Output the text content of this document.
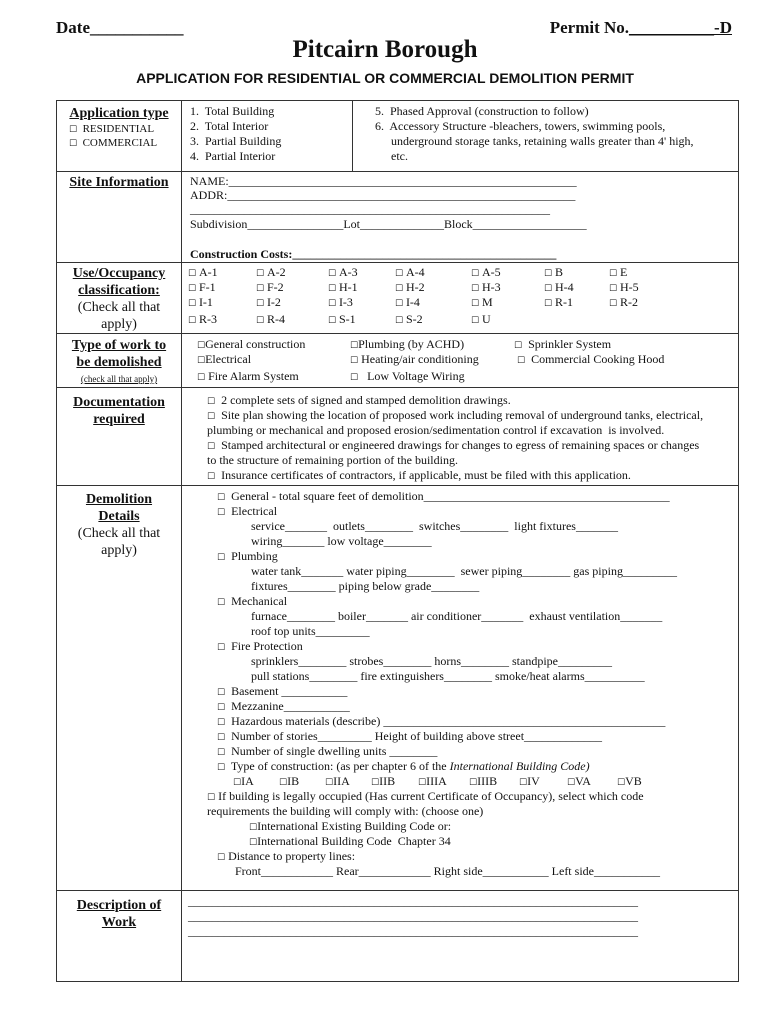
Date___________	Permit No.__________-D
Pitcairn Borough
APPLICATION FOR RESIDENTIAL OR COMMERCIAL DEMOLITION PERMIT
Application type
☐ RESIDENTIAL
☐ COMMERCIAL
1.  Total Building
2.  Total Interior
3.  Partial Building
4.  Partial Interior
5.  Phased Approval (construction to follow)
6.  Accessory Structure -bleachers, towers, swimming pools,
underground storage tanks, retaining walls greater than 4' high,
etc.
Site Information	NAME:__________________________________________________________
ADDR:__________________________________________________________
____________________________________________________________
Subdivision________________Lot______________Block___________________
Construction Costs:____________________________________________
Use/Occupancy
classification:
(Check all that
apply)
☐ A-1	☐ A-2	☐ A-3	☐ A-4	☐ A-5	☐ B	☐ E
☐ F-1	☐ F-2	☐ H-1	☐ H-2	☐ H-3	☐ H-4	☐ H-5
☐ I-1	☐ I-2	☐ I-3	☐ I-4	☐ M	☐ R-1	☐ R-2
☐ R-3	☐ R-4	☐ S-1	☐ S-2	☐ U
Type of work to
be demolished
(check all that apply)
☐General construction	☐Plumbing (by ACHD)	☐ Sprinkler System
☐Electrical	☐ Heating/air conditioning	☐ Commercial Cooking Hood
☐ Fire Alarm System	☐ Low Voltage Wiring
Documentation
required
☐ 2 complete sets of signed and stamped demolition drawings.
☐ Site plan showing the location of proposed work including removal of underground tanks, electrical,
plumbing or mechanical and proposed erosion/sedimentation control if excavation  is involved.
☐ Stamped architectural or engineered drawings for changes to egress of remaining spaces or changes
to the structure of remaining portion of the building.
☐ Insurance certificates of contractors, if applicable, must be filed with this application.
Demolition
Details
(Check all that
apply)
☐ General - total square feet of demolition_________________________________________
☐ Electrical
service_______  outlets________  switches________  light fixtures_______
wiring_______ low voltage________
☐ Plumbing
water tank_______ water piping________  sewer piping________ gas piping_________
fixtures________ piping below grade________
☐ Mechanical
furnace________ boiler_______ air conditioner_______  exhaust ventilation_______
roof top units_________
☐ Fire Protection
sprinklers________ strobes________ horns________ standpipe_________
pull stations________ fire extinguishers________ smoke/heat alarms__________
☐ Basement ___________
☐ Mezzanine___________
☐ Hazardous materials (describe) _______________________________________________
☐ Number of stories_________ Height of building above street_____________
☐ Number of single dwelling units ________
☐ Type of construction: (as per chapter 6 of the International Building Code)
☐IA	☐IB	☐IIA ☐IIB	☐IIIA ☐IIIB ☐IV	☐VA	☐VB
☐ If building is legally occupied (Has current Certificate of Occupancy), select which code
requirements the building will comply with: (choose one)
☐International Existing Building Code or:
☐International Building Code  Chapter 34
☐ Distance to property lines:
Front____________ Rear____________ Right side___________ Left side___________
Description of
Work
___________________________________________________________________________
___________________________________________________________________________
___________________________________________________________________________
